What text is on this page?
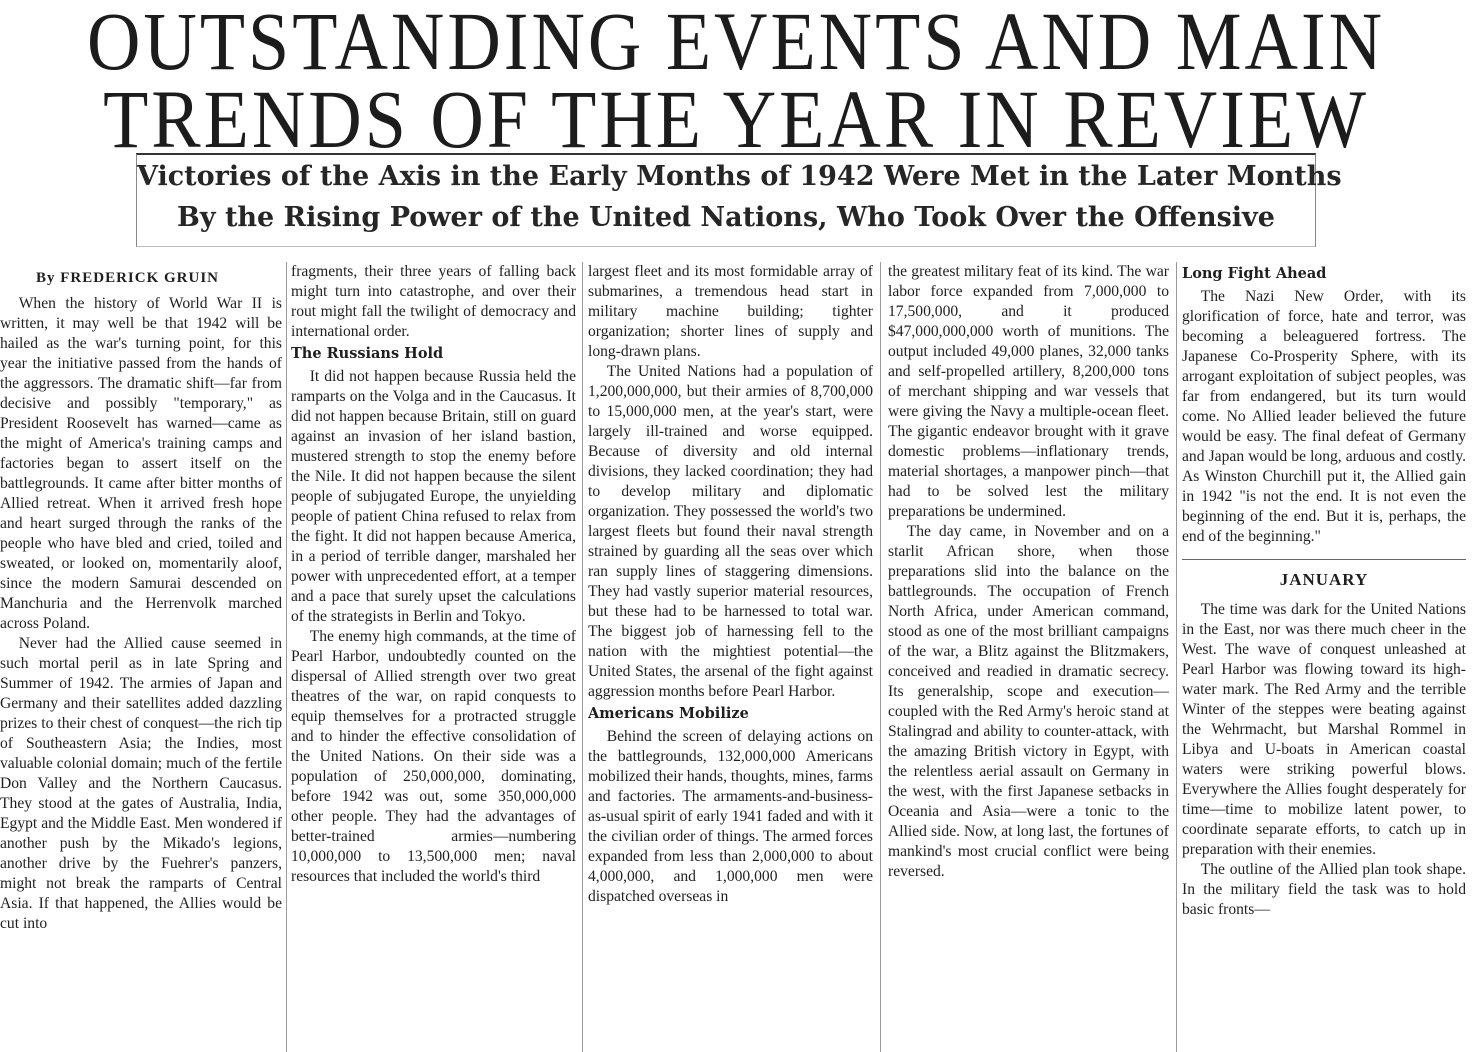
OUTSTANDING EVENTS AND MAIN
TRENDS OF THE YEAR IN REVIEW
Victories of the Axis in the Early Months of 1942 Were Met in the Later Months
By the Rising Power of the United Nations, Who Took Over the Offensive
By FREDERICK GRUIN

When the history of World War II is written, it may well be that 1942 will be hailed as the war's turning point, for this year the initiative passed from the hands of the aggressors. The dramatic shift—far from decisive and possibly "temporary," as President Roosevelt has warned—came as the might of America's training camps and factories began to assert itself on the battlegrounds. It came after bitter months of Allied retreat. When it arrived fresh hope and heart surged through the ranks of the people who have bled and cried, toiled and sweated, or looked on, momentarily aloof, since the modern Samurai descended on Manchuria and the Herrenvolk marched across Poland.

Never had the Allied cause seemed in such mortal peril as in late Spring and Summer of 1942. The armies of Japan and Germany and their satellites added dazzling prizes to their chest of conquest—the rich tip of Southeastern Asia; the Indies, most valuable colonial domain; much of the fertile Don Valley and the Northern Caucasus. They stood at the gates of Australia, India, Egypt and the Middle East. Men wondered if another push by the Mikado's legions, another drive by the Fuehrer's panzers, might not break the ramparts of Central Asia. If that happened, the Allies would be cut into

fragments, their three years of falling back might turn into catastrophe, and over their rout might fall the twilight of democracy and international order.

The Russians Hold

It did not happen because Russia held the ramparts on the Volga and in the Caucasus. It did not happen because Britain, still on guard against an invasion of her island bastion, mustered strength to stop the enemy before the Nile. It did not happen because the silent people of subjugated Europe, the unyielding people of patient China refused to relax from the fight. It did not happen because America, in a period of terrible danger, marshaled her power with unprecedented effort, at a temper and a pace that surely upset the calculations of the strategists in Berlin and Tokyo.

The enemy high commands, at the time of Pearl Harbor, undoubtedly counted on the dispersal of Allied strength over two great theatres of the war, on rapid conquests to equip themselves for a protracted struggle and to hinder the effective consolidation of the United Nations. On their side was a population of 250,000,000, dominating, before 1942 was out, some 350,000,000 other people. They had the advantages of better-trained armies—numbering 10,000,000 to 13,500,000 men; naval resources that included the world's third

largest fleet and its most formidable array of submarines, a tremendous head start in military machine building; tighter organization; shorter lines of supply and long-drawn plans.

The United Nations had a population of 1,200,000,000, but their armies of 8,700,000 to 15,000,000 men, at the year's start, were largely ill-trained and worse equipped. Because of diversity and old internal divisions, they lacked coordination; they had to develop military and diplomatic organization. They possessed the world's two largest fleets but found their naval strength strained by guarding all the seas over which ran supply lines of staggering dimensions. They had vastly superior material resources, but these had to be harnessed to total war. The biggest job of harnessing fell to the nation with the mightiest potential—the United States, the arsenal of the fight against aggression months before Pearl Harbor.

Americans Mobilize

Behind the screen of delaying actions on the battlegrounds, 132,000,000 Americans mobilized their hands, thoughts, mines, farms and factories. The armaments-and-business-as-usual spirit of early 1941 faded and with it the civilian order of things. The armed forces expanded from less than 2,000,000 to about 4,000,000, and 1,000,000 men were dispatched overseas in

the greatest military feat of its kind. The war labor force expanded from 7,000,000 to 17,500,000, and it produced $47,000,000,000 worth of munitions. The output included 49,000 planes, 32,000 tanks and self-propelled artillery, 8,200,000 tons of merchant shipping and war vessels that were giving the Navy a multiple-ocean fleet. The gigantic endeavor brought with it grave domestic problems—inflationary trends, material shortages, a manpower pinch—that had to be solved lest the military preparations be undermined.

The day came, in November and on a starlit African shore, when those preparations slid into the balance on the battlegrounds. The occupation of French North Africa, under American command, stood as one of the most brilliant campaigns of the war, a Blitz against the Blitzmakers, conceived and readied in dramatic secrecy. Its generalship, scope and execution—coupled with the Red Army's heroic stand at Stalingrad and ability to counter-attack, with the amazing British victory in Egypt, with the relentless aerial assault on Germany in the west, with the first Japanese setbacks in Oceania and Asia—were a tonic to the Allied side. Now, at long last, the fortunes of mankind's most crucial conflict were being reversed.

Long Fight Ahead

The Nazi New Order, with its glorification of force, hate and terror, was becoming a beleaguered fortress. The Japanese Co-Prosperity Sphere, with its arrogant exploitation of subject peoples, was far from endangered, but its turn would come. No Allied leader believed the future would be easy. The final defeat of Germany and Japan would be long, arduous and costly. As Winston Churchill put it, the Allied gain in 1942 "is not the end. It is not even the beginning of the end. But it is, perhaps, the end of the beginning."

JANUARY

The time was dark for the United Nations in the East, nor was there much cheer in the West. The wave of conquest unleashed at Pearl Harbor was flowing toward its high-water mark. The Red Army and the terrible Winter of the steppes were beating against the Wehrmacht, but Marshal Rommel in Libya and U-boats in American coastal waters were striking powerful blows. Everywhere the Allies fought desperately for time—time to mobilize latent power, to coordinate separate efforts, to catch up in preparation with their enemies.

The outline of the Allied plan took shape. In the military field the task was to hold basic fronts—
